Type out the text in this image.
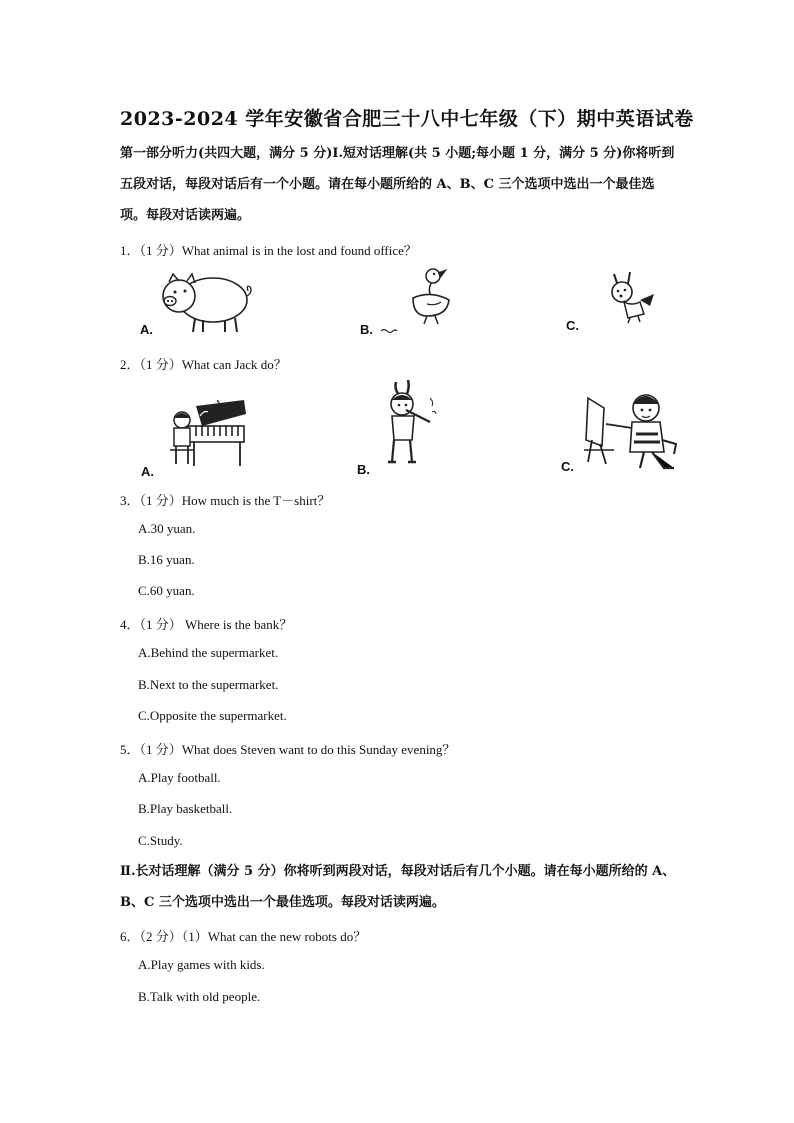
2023-2024 学年安徽省合肥三十八中七年级（下）期中英语试卷
第一部分听力(共四大题，满分 5 分)I.短对话理解(共 5 小题;每小题 1 分，满分 5 分)你将听到五段对话，每段对话后有一个小题。请在每小题所给的 A、B、C 三个选项中选出一个最佳选项。每段对话读两遍。
1．（1 分）What animal is in the lost and found office？
A.	B.	C.
2．（1 分）What can Jack do？
A.	B.	C.
3．（1 分）How much is the T－shirt？
A.30 yuan.
B.16 yuan.
C.60 yuan.
4．（1 分） Where is the bank？
A.Behind the supermarket.
B.Next to the supermarket.
C.Opposite the supermarket.
5．（1 分）What does Steven want to do this Sunday evening？
A.Play football.
B.Play basketball.
C.Study.
Ⅱ.长对话理解（满分 5 分）你将听到两段对话，每段对话后有几个小题。请在每小题所给的 A、B、C 三个选项中选出一个最佳选项。每段对话读两遍。
6．（2 分）（1）What can the new robots do？
A.Play games with kids.
B.Talk with old people.
